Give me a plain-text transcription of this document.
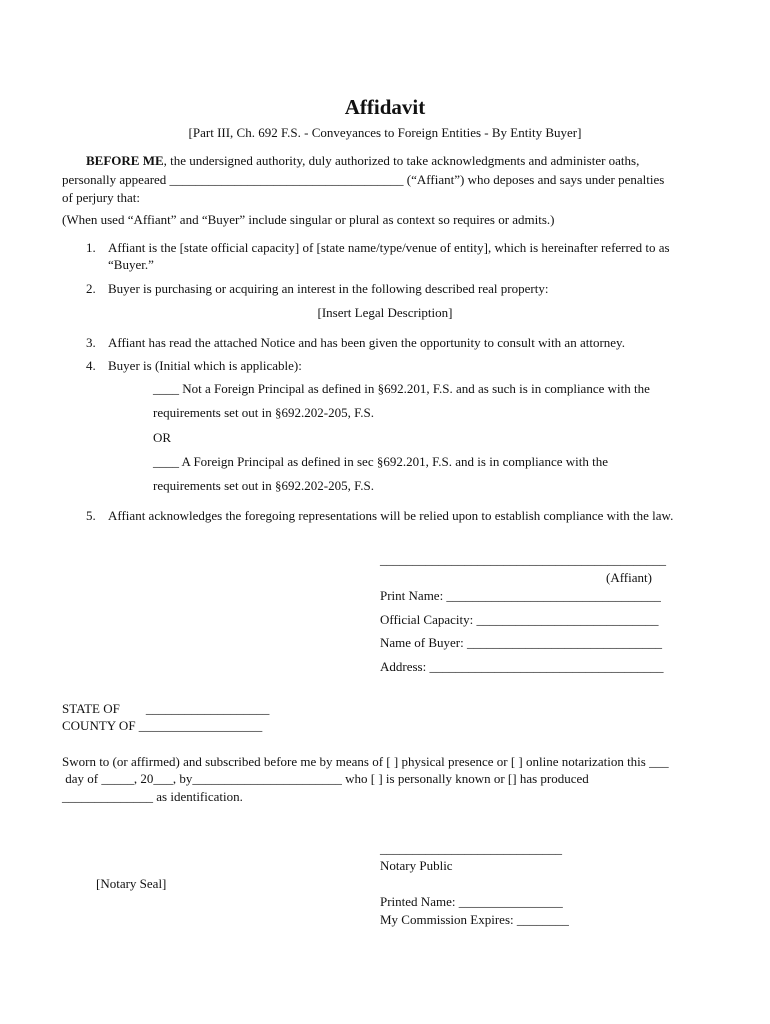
Affidavit
[Part III, Ch. 692 F.S. - Conveyances to Foreign Entities - By Entity Buyer]
BEFORE ME, the undersigned authority, duly authorized to take acknowledgments and administer oaths,
personally appeared ____________________________________ (“Affiant”) who deposes and says under penalties
of perjury that:
(When used “Affiant” and “Buyer” include singular or plural as context so requires or admits.)
1. Affiant is the [state official capacity] of [state name/type/venue of entity], which is hereinafter referred to as
“Buyer.”
2. Buyer is purchasing or acquiring an interest in the following described real property:
[Insert Legal Description]
3. Affiant has read the attached Notice and has been given the opportunity to consult with an attorney.
4. Buyer is (Initial which is applicable):
____ Not a Foreign Principal as defined in §692.201, F.S. and as such is in compliance with the
requirements set out in §692.202-205, F.S.
OR
____ A Foreign Principal as defined in sec §692.201, F.S. and is in compliance with the
requirements set out in §692.202-205, F.S.
5. Affiant acknowledges the foregoing representations will be relied upon to establish compliance with the law.
____________________________________________
(Affiant)
Print Name: _________________________________
Official Capacity: ____________________________
Name of Buyer: ______________________________
Address: ____________________________________
STATE OF        ___________________
COUNTY OF ___________________
Sworn to (or affirmed) and subscribed before me by means of [ ] physical presence or [ ] online notarization this ___
day of _____, 20___, by_______________________ who [ ] is personally known or [] has produced
______________ as identification.
____________________________
Notary Public
[Notary Seal]
Printed Name: ________________
My Commission Expires: ________
